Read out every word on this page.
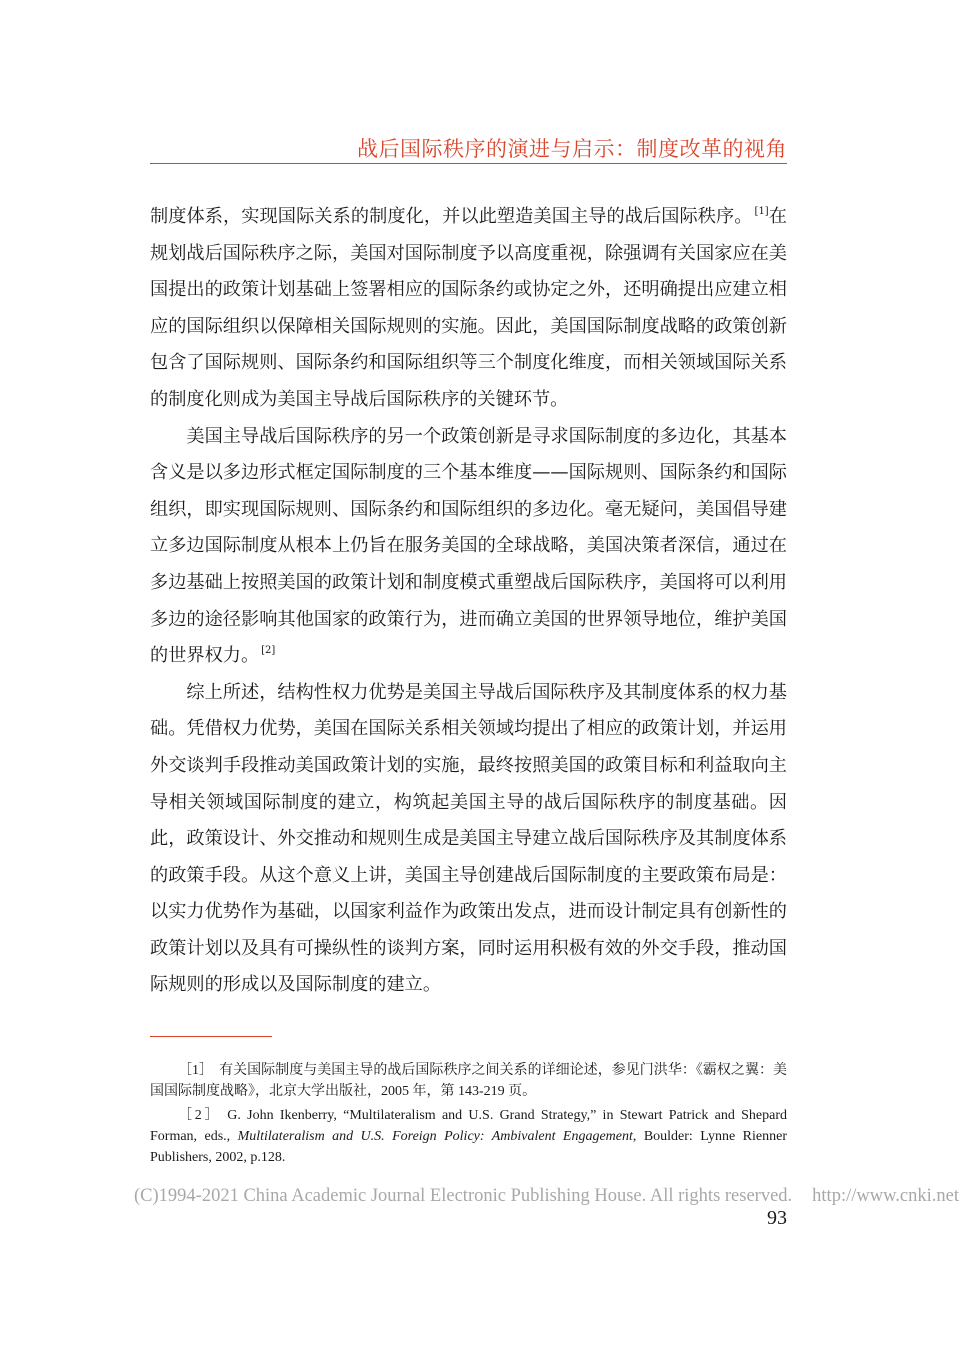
战后国际秩序的演进与启示：制度改革的视角

制度体系，实现国际关系的制度化，并以此塑造美国主导的战后国际秩序。 [1]在规划战后国际秩序之际，美国对国际制度予以高度重视，除强调有关国家应在美国提出的政策计划基础上签署相应的国际条约或协定之外，还明确提出应建立相应的国际组织以保障相关国际规则的实施。因此，美国国际制度战略的政策创新包含了国际规则、国际条约和国际组织等三个制度化维度，而相关领域国际关系的制度化则成为美国主导战后国际秩序的关键环节。

美国主导战后国际秩序的另一个政策创新是寻求国际制度的多边化，其基本含义是以多边形式框定国际制度的三个基本维度——国际规则、国际条约和国际组织，即实现国际规则、国际条约和国际组织的多边化。毫无疑问，美国倡导建立多边国际制度从根本上仍旨在服务美国的全球战略，美国决策者深信，通过在多边基础上按照美国的政策计划和制度模式重塑战后国际秩序，美国将可以利用多边的途径影响其他国家的政策行为，进而确立美国的世界领导地位，维护美国的世界权力。 [2]

综上所述，结构性权力优势是美国主导战后国际秩序及其制度体系的权力基础。凭借权力优势，美国在国际关系相关领域均提出了相应的政策计划，并运用外交谈判手段推动美国政策计划的实施，最终按照美国的政策目标和利益取向主导相关领域国际制度的建立，构筑起美国主导的战后国际秩序的制度基础。因此，政策设计、外交推动和规则生成是美国主导建立战后国际秩序及其制度体系的政策手段。从这个意义上讲，美国主导创建战后国际制度的主要政策布局是：以实力优势作为基础，以国家利益作为政策出发点，进而设计制定具有创新性的政策计划以及具有可操纵性的谈判方案，同时运用积极有效的外交手段，推动国际规则的形成以及国际制度的建立。

［1］ 有关国际制度与美国主导的战后国际秩序之间关系的详细论述，参见门洪华：《霸权之翼：美国国际制度战略》，北京大学出版社，2005 年，第 143-219 页。

［2］ G. John Ikenberry, “Multilateralism and U.S. Grand Strategy,” in Stewart Patrick and Shepard Forman, eds., Multilateralism and U.S. Foreign Policy: Ambivalent Engagement, Boulder: Lynne Rienner Publishers, 2002, p.128.

(C)1994-2021 China Academic Journal Electronic Publishing House. All rights reserved. http://www.cnki.net
93
